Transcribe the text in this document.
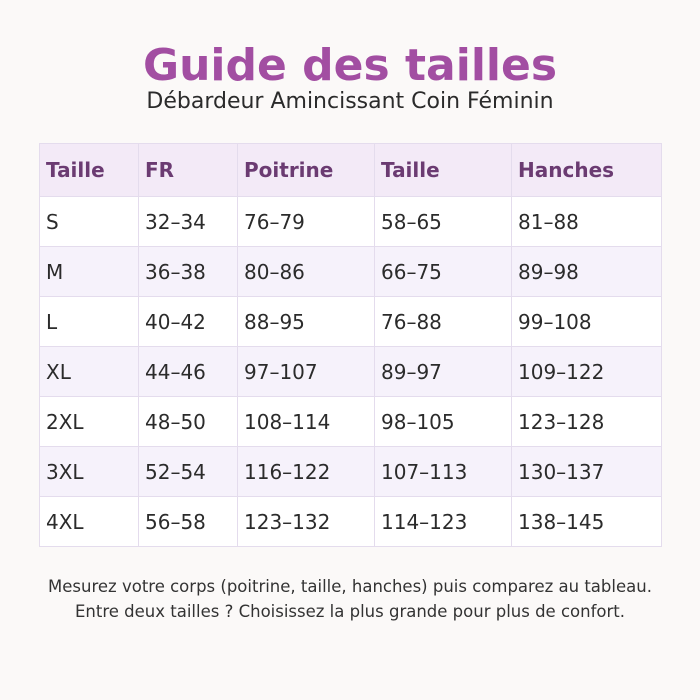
Guide des tailles
Débardeur Amincissant Coin Féminin
Taille	FR	Poitrine	Taille	Hanches
S	32–34	76–79	58–65	81–88
M	36–38	80–86	66–75	89–98
L	40–42	88–95	76–88	99–108
XL	44–46	97–107	89–97	109–122
2XL	48–50	108–114	98–105	123–128
3XL	52–54	116–122	107–113	130–137
4XL	56–58	123–132	114–123	138–145
Mesurez votre corps (poitrine, taille, hanches) puis comparez au tableau.
Entre deux tailles ? Choisissez la plus grande pour plus de confort.
